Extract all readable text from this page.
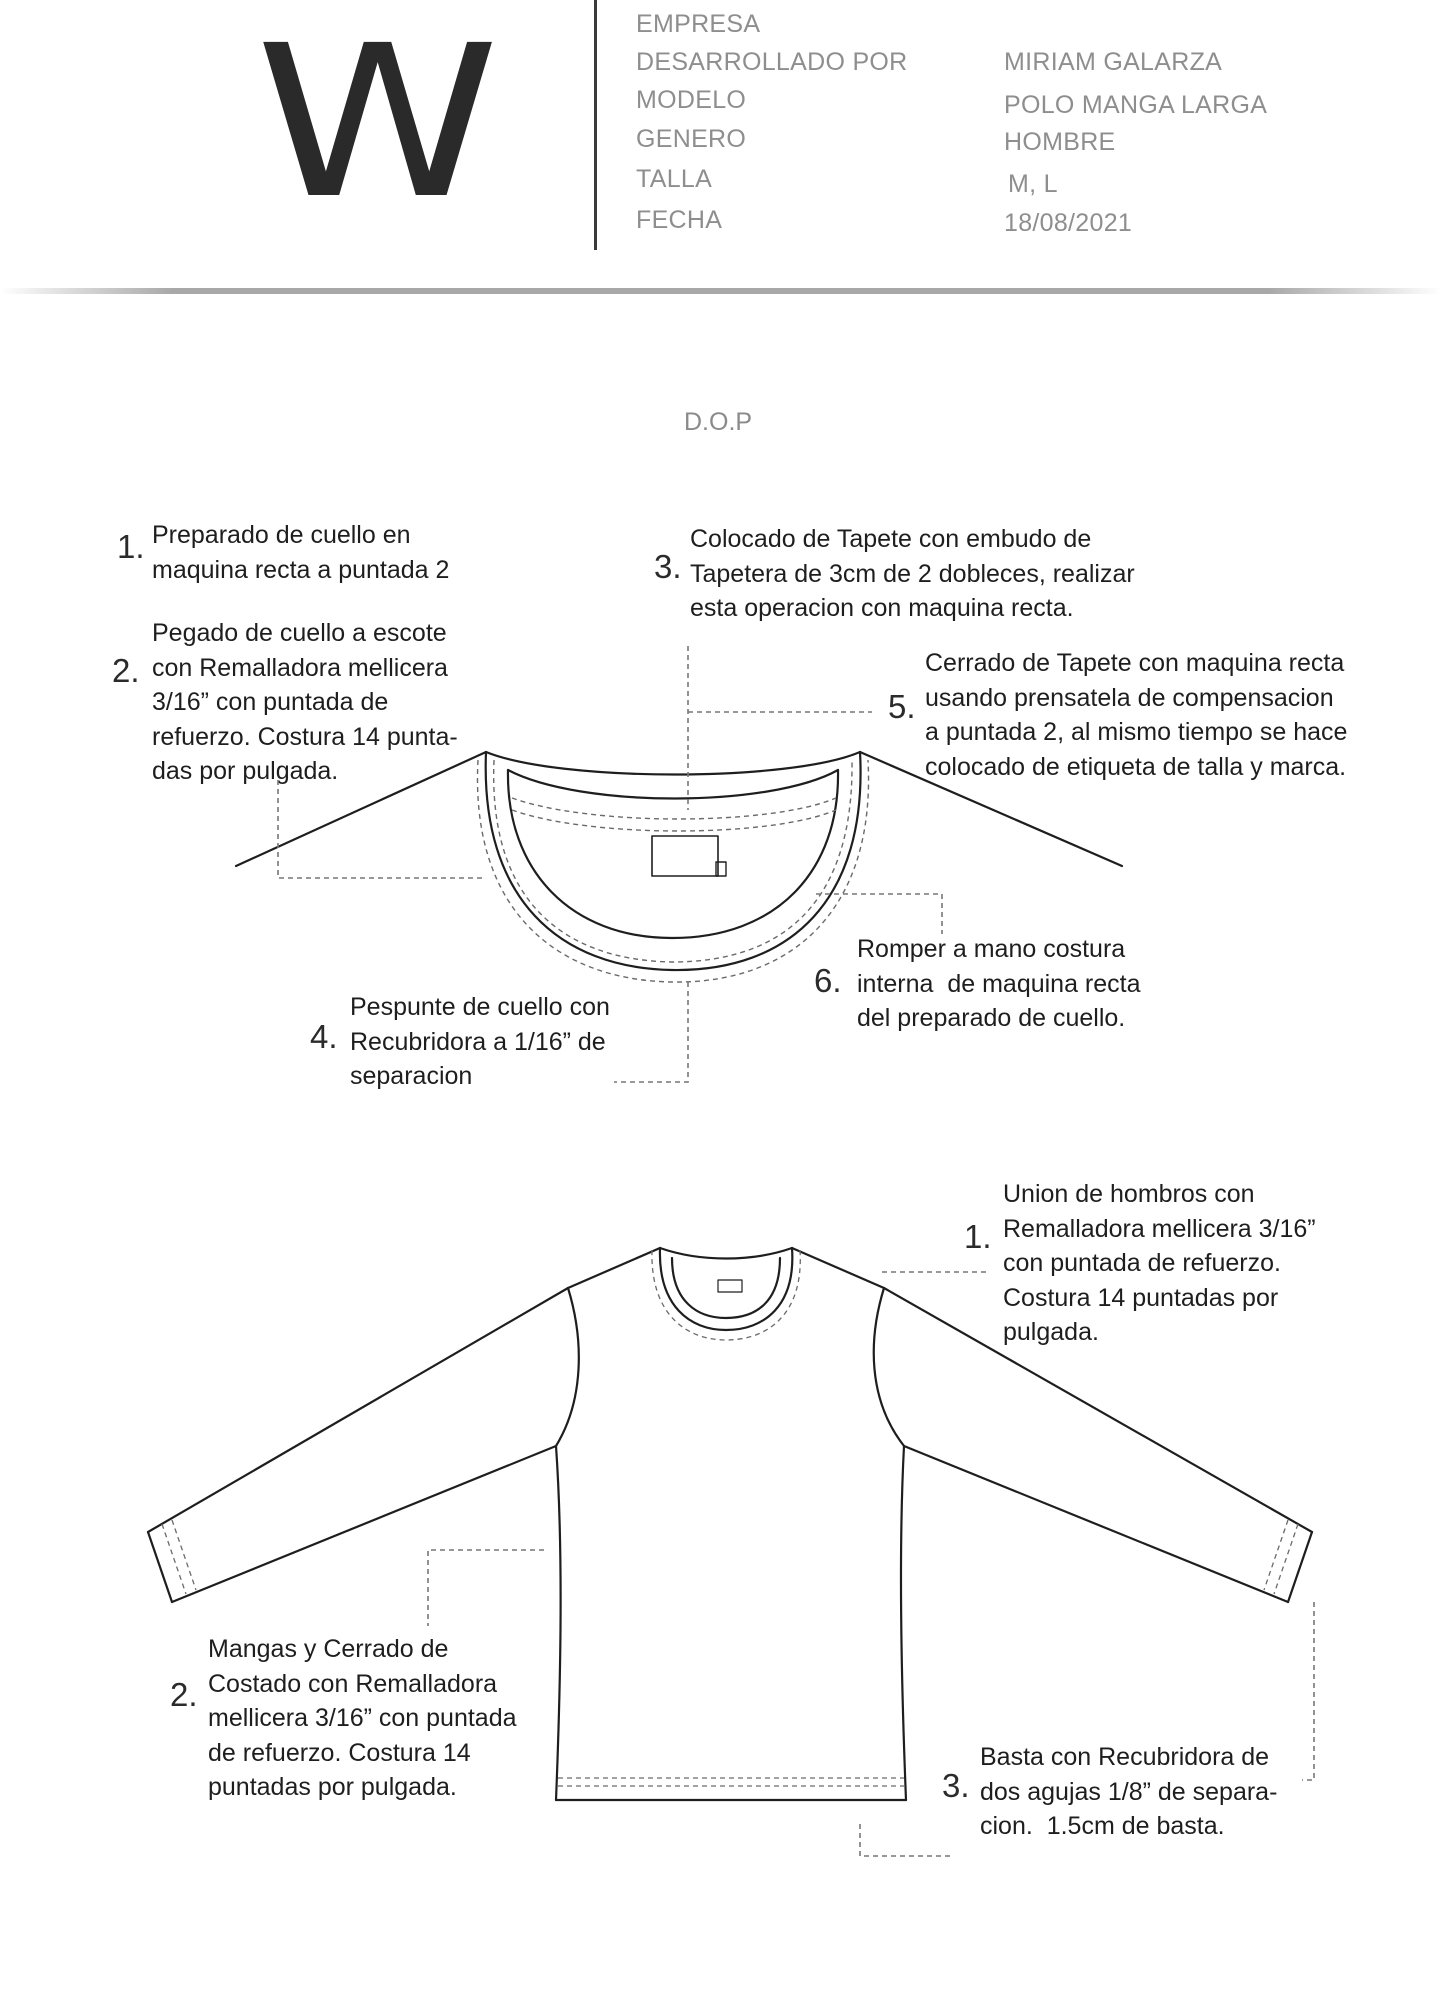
W	EMPRESA
DESARROLLADO POR
MODELO
GENERO
TALLA
FECHA
MIRIAM GALARZA
POLO MANGA LARGA
HOMBRE
M, L
18/08/2021
D.O.P
1. Preparado de cuello en
maquina recta a puntada 2
2.
Pegado de cuello a escote
con Remalladora mellicera
3/16” con puntada de
refuerzo. Costura 14 punta-
das por pulgada.
3.
Colocado de Tapete con embudo de
Tapetera de 3cm de 2 dobleces, realizar
esta operacion con maquina recta.
4.
Pespunte de cuello con
Recubridora a 1/16” de
separacion
5.
Cerrado de Tapete con maquina recta
usando prensatela de compensacion
a puntada 2, al mismo tiempo se hace
colocado de etiqueta de talla y marca.
6.
Romper a mano costura
interna  de maquina recta
del preparado de cuello.
1.
Union de hombros con
Remalladora mellicera 3/16”
con puntada de refuerzo.
Costura 14 puntadas por
pulgada.
2.
Mangas y Cerrado de
Costado con Remalladora
mellicera 3/16” con puntada
de refuerzo. Costura 14
puntadas por pulgada.	3.
Basta con Recubridora de
dos agujas 1/8” de separa-
cion.  1.5cm de basta.
